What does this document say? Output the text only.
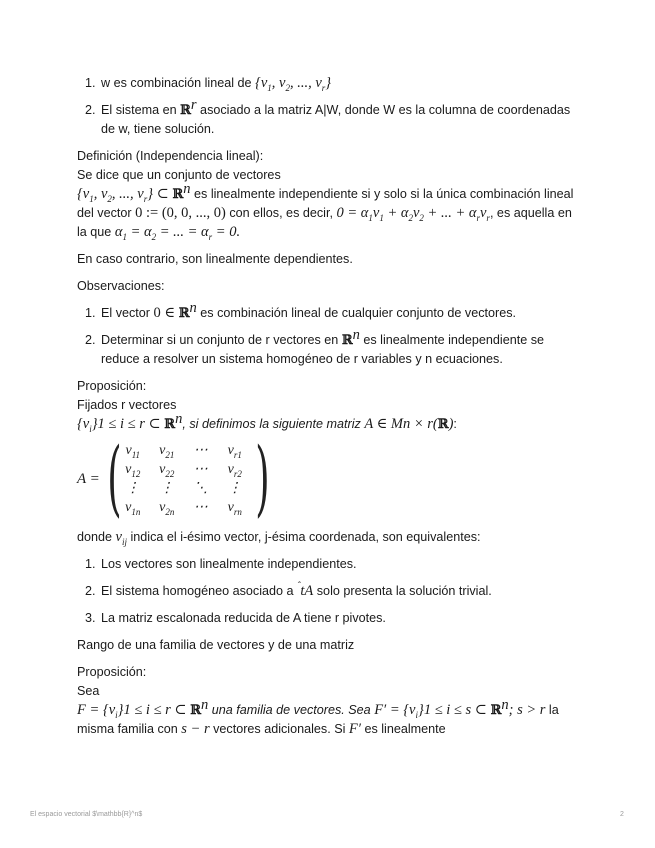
1. w es combinación lineal de {$v_1$, $v_2$, ..., $v_r$}
2. El sistema en ℝ$^r$ asociado a la matriz A|W, donde W es la columna de coordenadas de w, tiene solución.

Definición (Independencia lineal):

Se dice que un conjunto de vectores

{$v_1$, $v_2$, ..., $v_r$} ⊂ ℝ$^n$ es linealmente independiente si y solo si la única combinación lineal del vector 0 := (0, 0, ..., 0) con ellos, es decir, $0 = \alpha_1v_1 + \alpha_2v_2$ + ... + $\alpha_rv_r$, es aquella en la que $\alpha_1 = \alpha_2$ = ... = $\alpha_r = 0$.

En caso contrario, son linealmente dependientes.

Observaciones:

1. El vector 0 ∈ ℝ$^n$ es combinación lineal de cualquier conjunto de vectores.
2. Determinar si un conjunto de r vectores en ℝ$^n$ es linealmente independiente se reduce a resolver un sistema homogéneo de r variables y n ecuaciones.

Proposición:

Fijados r vectores

$\{v_i\}1 \le i \le r$ ⊂ ℝ$^n$, si definimos la siguiente matriz A ∈ Mn × r(ℝ):

A = ( $v_{11}$	$v_{21}$	⋯	$v_{r1}$
$v_{12}$	$v_{22}$	⋯	$v_{r2}$
⋮	⋮	⋱	⋮
$v_{1n}$	$v_{2n}$	⋯	$v_{rn}$ )

donde $v_{ij}$ indica el i-ésimo vector, j-ésima coordenada, son equivalentes:

1. Los vectores son linealmente independientes.
2. El sistema homogéneo asociado a $^ˆ$tA solo presenta la solución trivial.
3. La matriz escalonada reducida de A tiene r pivotes.

Rango de una familia de vectores y de una matriz

Proposición:

Sea

$F = \{v_i\}1 \le i \le r$ ⊂ ℝ$^n$ una familia de vectores. Sea $F' = \{v_i\}1 \le i \le s$ ⊂ ℝ$^n$; s > r la misma familia con s − r vectores adicionales. Si F′ es linealmente

El espacio vectorial $\mathbb{R}^n$	2
